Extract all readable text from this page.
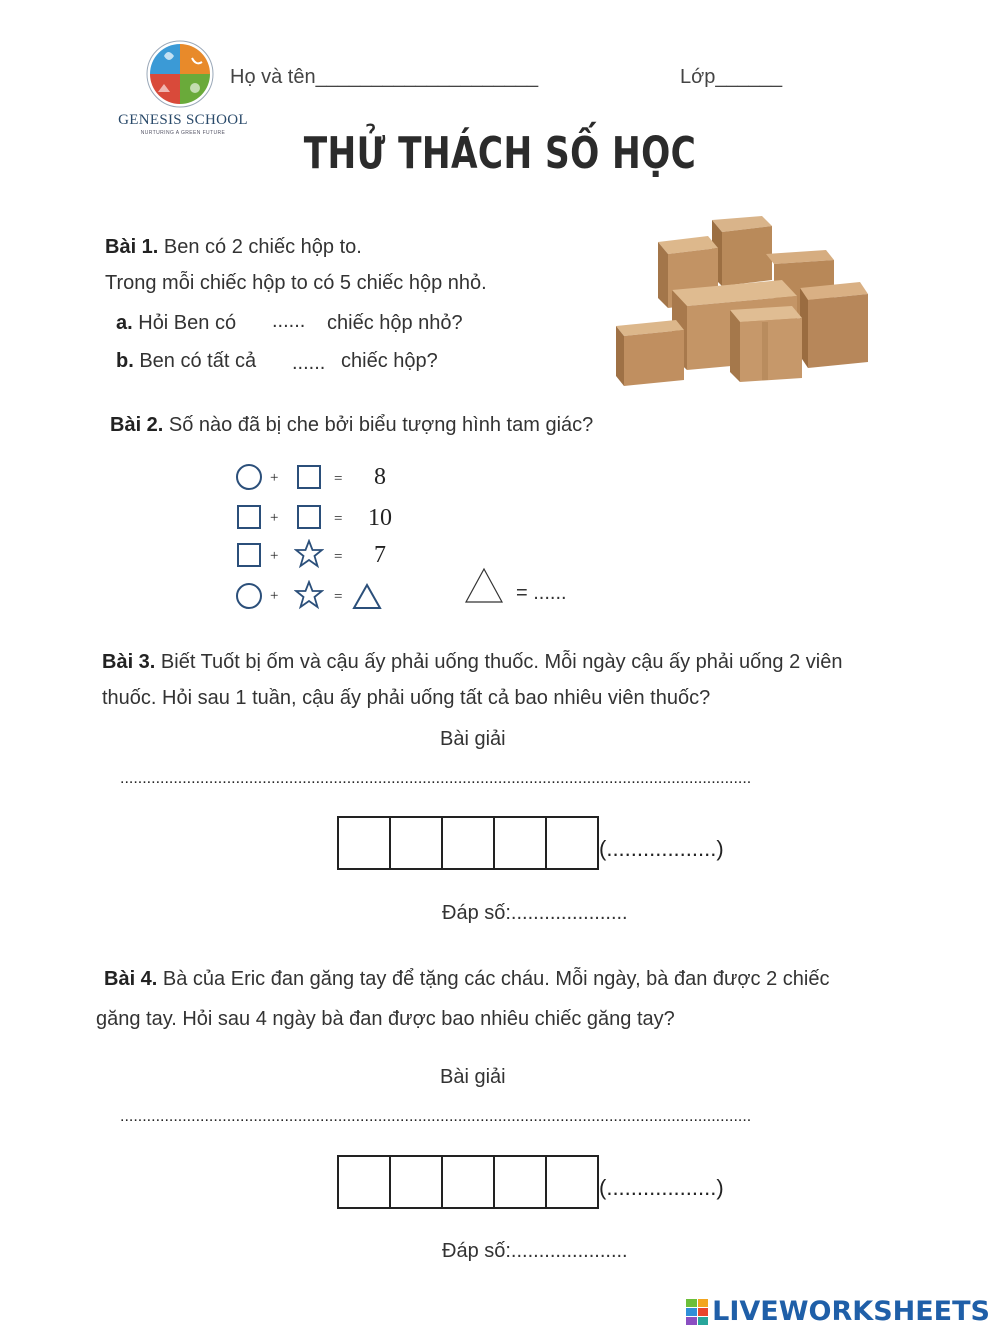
GENESIS SCHOOL
NURTURING A GREEN FUTURE
Họ và tên____________________	Lớp______
THỬ THÁCH SỐ HỌC
Bài 1. Ben có 2 chiếc hộp to.
Trong mỗi chiếc hộp to có 5 chiếc hộp nhỏ.
a. Hỏi Ben có ...... chiếc hộp nhỏ?
b. Ben có tất cả ...... chiếc hộp?
Bài 2. Số nào đã bị che bởi biểu tượng hình tam giác?
+	= 8
+	= 10
+	= 7
+	=	= ......
Bài 3. Biết Tuốt bị ốm và cậu ấy phải uống thuốc. Mỗi ngày cậu ấy phải uống 2 viên
thuốc. Hỏi sau 1 tuần, cậu ấy phải uống tất cả bao nhiêu viên thuốc?
Bài giải
..............................................................................................................................................
(..................)
Đáp số:.....................
Bài 4. Bà của Eric đan găng tay để tặng các cháu. Mỗi ngày, bà đan được 2 chiếc
găng tay. Hỏi sau 4 ngày bà đan được bao nhiêu chiếc găng tay?
Bài giải
..............................................................................................................................................
(..................)
Đáp số:.....................
LIVEWORKSHEETS
